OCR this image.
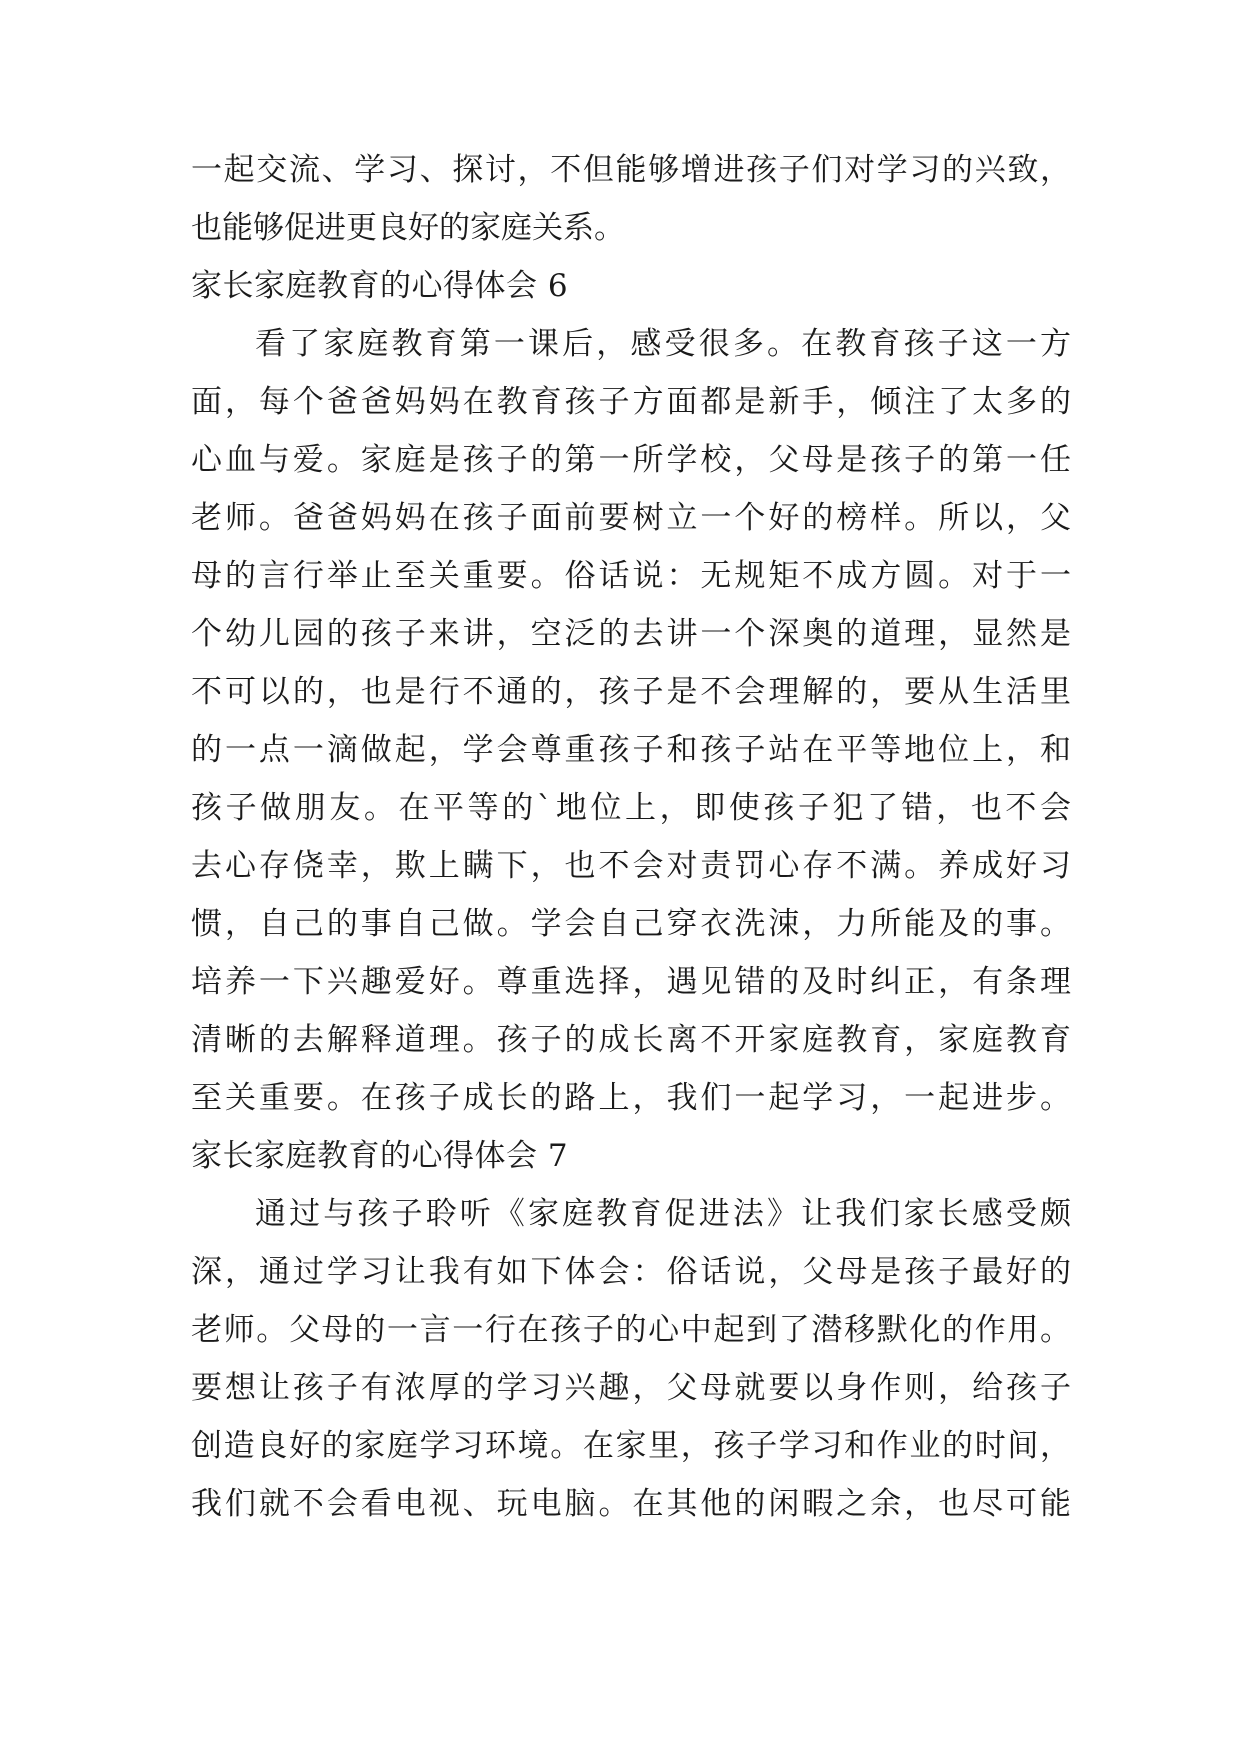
一起交流、学习、探讨，不但能够增进孩子们对学习的兴致，
也能够促进更良好的家庭关系。
家长家庭教育的心得体会 6
看了家庭教育第一课后，感受很多。在教育孩子这一方
面，每个爸爸妈妈在教育孩子方面都是新手，倾注了太多的
心血与爱。家庭是孩子的第一所学校，父母是孩子的第一任
老师。爸爸妈妈在孩子面前要树立一个好的榜样。所以，父
母的言行举止至关重要。俗话说：无规矩不成方圆。对于一
个幼儿园的孩子来讲，空泛的去讲一个深奥的道理，显然是
不可以的，也是行不通的，孩子是不会理解的，要从生活里
的一点一滴做起，学会尊重孩子和孩子站在平等地位上，和
孩子做朋友。在平等的`地位上，即使孩子犯了错，也不会
去心存侥幸，欺上瞒下，也不会对责罚心存不满。养成好习
惯，自己的事自己做。学会自己穿衣洗涑，力所能及的事。
培养一下兴趣爱好。尊重选择，遇见错的及时纠正，有条理
清晰的去解释道理。孩子的成长离不开家庭教育，家庭教育
至关重要。在孩子成长的路上，我们一起学习，一起进步。
家长家庭教育的心得体会 7
通过与孩子聆听《家庭教育促进法》让我们家长感受颇
深，通过学习让我有如下体会：俗话说，父母是孩子最好的
老师。父母的一言一行在孩子的心中起到了潜移默化的作用。
要想让孩子有浓厚的学习兴趣，父母就要以身作则，给孩子
创造良好的家庭学习环境。在家里，孩子学习和作业的时间，
我们就不会看电视、玩电脑。在其他的闲暇之余，也尽可能
